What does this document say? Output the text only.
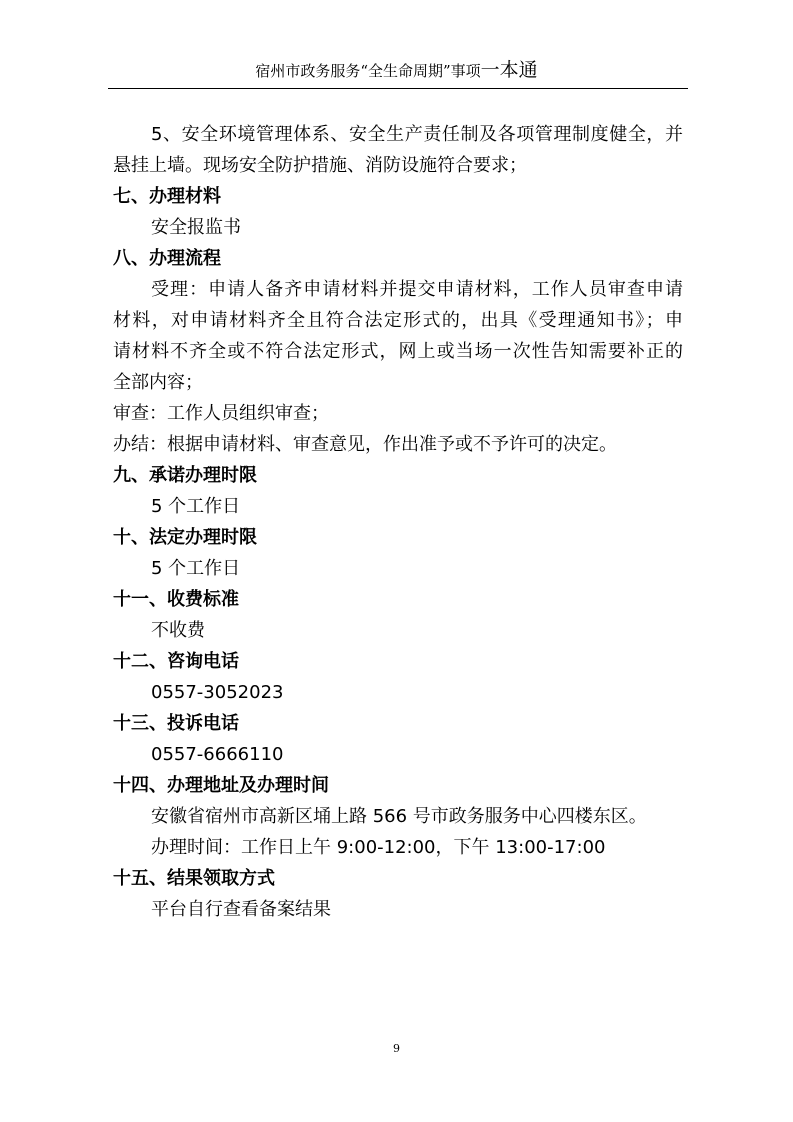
宿州市政务服务“全生命周期”事项一本通
5、安全环境管理体系、安全生产责任制及各项管理制度健全，并
悬挂上墙。现场安全防护措施、消防设施符合要求；
七、办理材料
安全报监书
八、办理流程
受理：申请人备齐申请材料并提交申请材料，工作人员审查申请
材料，对申请材料齐全且符合法定形式的，出具《受理通知书》；申
请材料不齐全或不符合法定形式，网上或当场一次性告知需要补正的
全部内容；
审查：工作人员组织审查；
办结：根据申请材料、审查意见，作出准予或不予许可的决定。
九、承诺办理时限
5 个工作日
十、法定办理时限
5 个工作日
十一、收费标准
不收费
十二、咨询电话
0557-3052023
十三、投诉电话
0557-6666110
十四、办理地址及办理时间
安徽省宿州市高新区埇上路 566 号市政务服务中心四楼东区。
办理时间：工作日上午 9:00-12:00，下午 13:00-17:00
十五、结果领取方式
平台自行查看备案结果
9
